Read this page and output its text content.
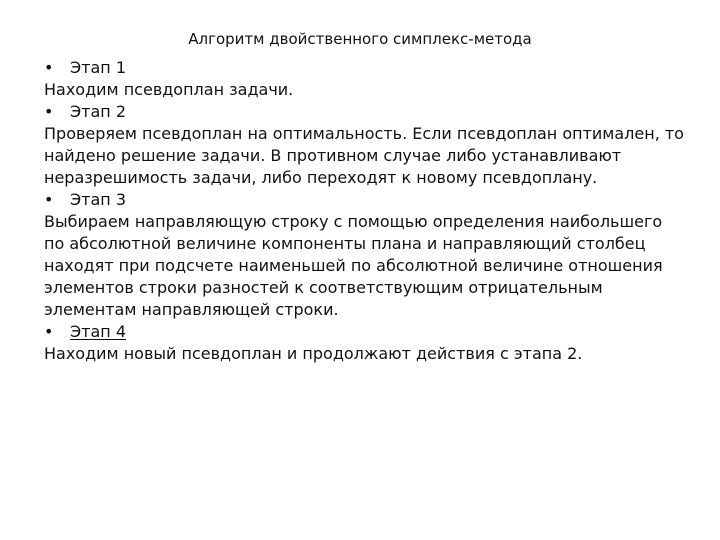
Алгоритм двойственного симплекс-метода
• Этап 1
Находим псевдоплан задачи.
• Этап 2
Проверяем псевдоплан на оптимальность. Если псевдоплан оптимален, то найдено решение задачи. В противном случае либо устанавливают неразрешимость задачи, либо переходят к новому псевдоплану.
• Этап 3
Выбираем направляющую строку с помощью определения наибольшего по абсолютной величине компоненты плана и направляющий столбец находят при подсчете наименьшей по абсолютной величине отношения элементов строки разностей к соответствующим отрицательным элементам направляющей строки.
• Этап 4
Находим новый псевдоплан и продолжают действия с этапа 2.
